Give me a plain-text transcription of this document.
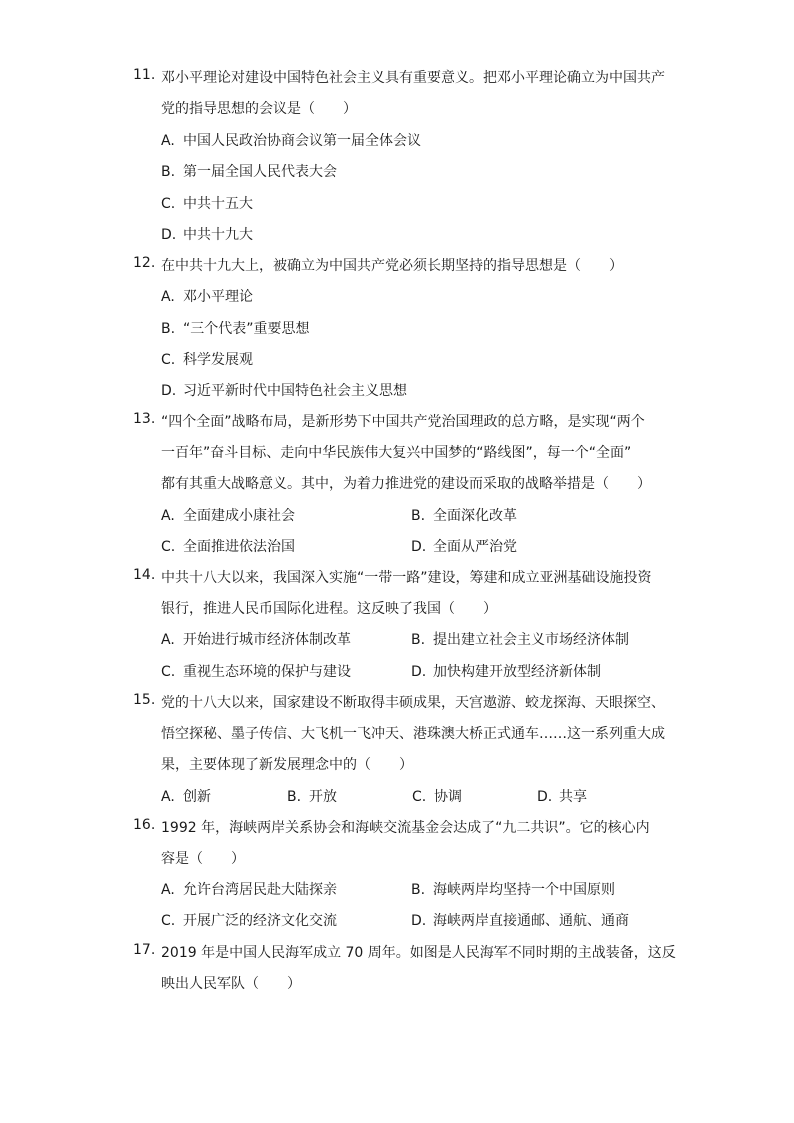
11. 邓小平理论对建设中国特色社会主义具有重要意义。把邓小平理论确立为中国共产
党的指导思想的会议是（　　）
A. 中国人民政治协商会议第一届全体会议
B. 第一届全国人民代表大会
C. 中共十五大
D. 中共十九大
12. 在中共十九大上，被确立为中国共产党必须长期坚持的指导思想是（　　）
A. 邓小平理论
B. “三个代表”重要思想
C. 科学发展观
D. 习近平新时代中国特色社会主义思想
13. “四个全面”战略布局，是新形势下中国共产党治国理政的总方略，是实现“两个
一百年”奋斗目标、走向中华民族伟大复兴中国梦的“路线图”，每一个“全面”
都有其重大战略意义。其中，为着力推进党的建设而采取的战略举措是（　　）
A. 全面建成小康社会	B. 全面深化改革
C. 全面推进依法治国	D. 全面从严治党
14. 中共十八大以来，我国深入实施“一带一路”建设，筹建和成立亚洲基础设施投资
银行，推进人民币国际化进程。这反映了我国（　　）
A. 开始进行城市经济体制改革	B. 提出建立社会主义市场经济体制
C. 重视生态环境的保护与建设	D. 加快构建开放型经济新体制
15. 党的十八大以来，国家建设不断取得丰硕成果，天宫遨游、蛟龙探海、天眼探空、
悟空探秘、墨子传信、大飞机一飞冲天、港珠澳大桥正式通车……这一系列重大成
果，主要体现了新发展理念中的（　　）
A. 创新	B. 开放	C. 协调	D. 共享
16. 1992 年，海峡两岸关系协会和海峡交流基金会达成了“九二共识”。它的核心内
容是（　　）
A. 允许台湾居民赴大陆探亲	B. 海峡两岸均坚持一个中国原则
C. 开展广泛的经济文化交流	D. 海峡两岸直接通邮、通航、通商
17. 2019 年是中国人民海军成立 70 周年。如图是人民海军不同时期的主战装备，这反
映出人民军队（　　）
